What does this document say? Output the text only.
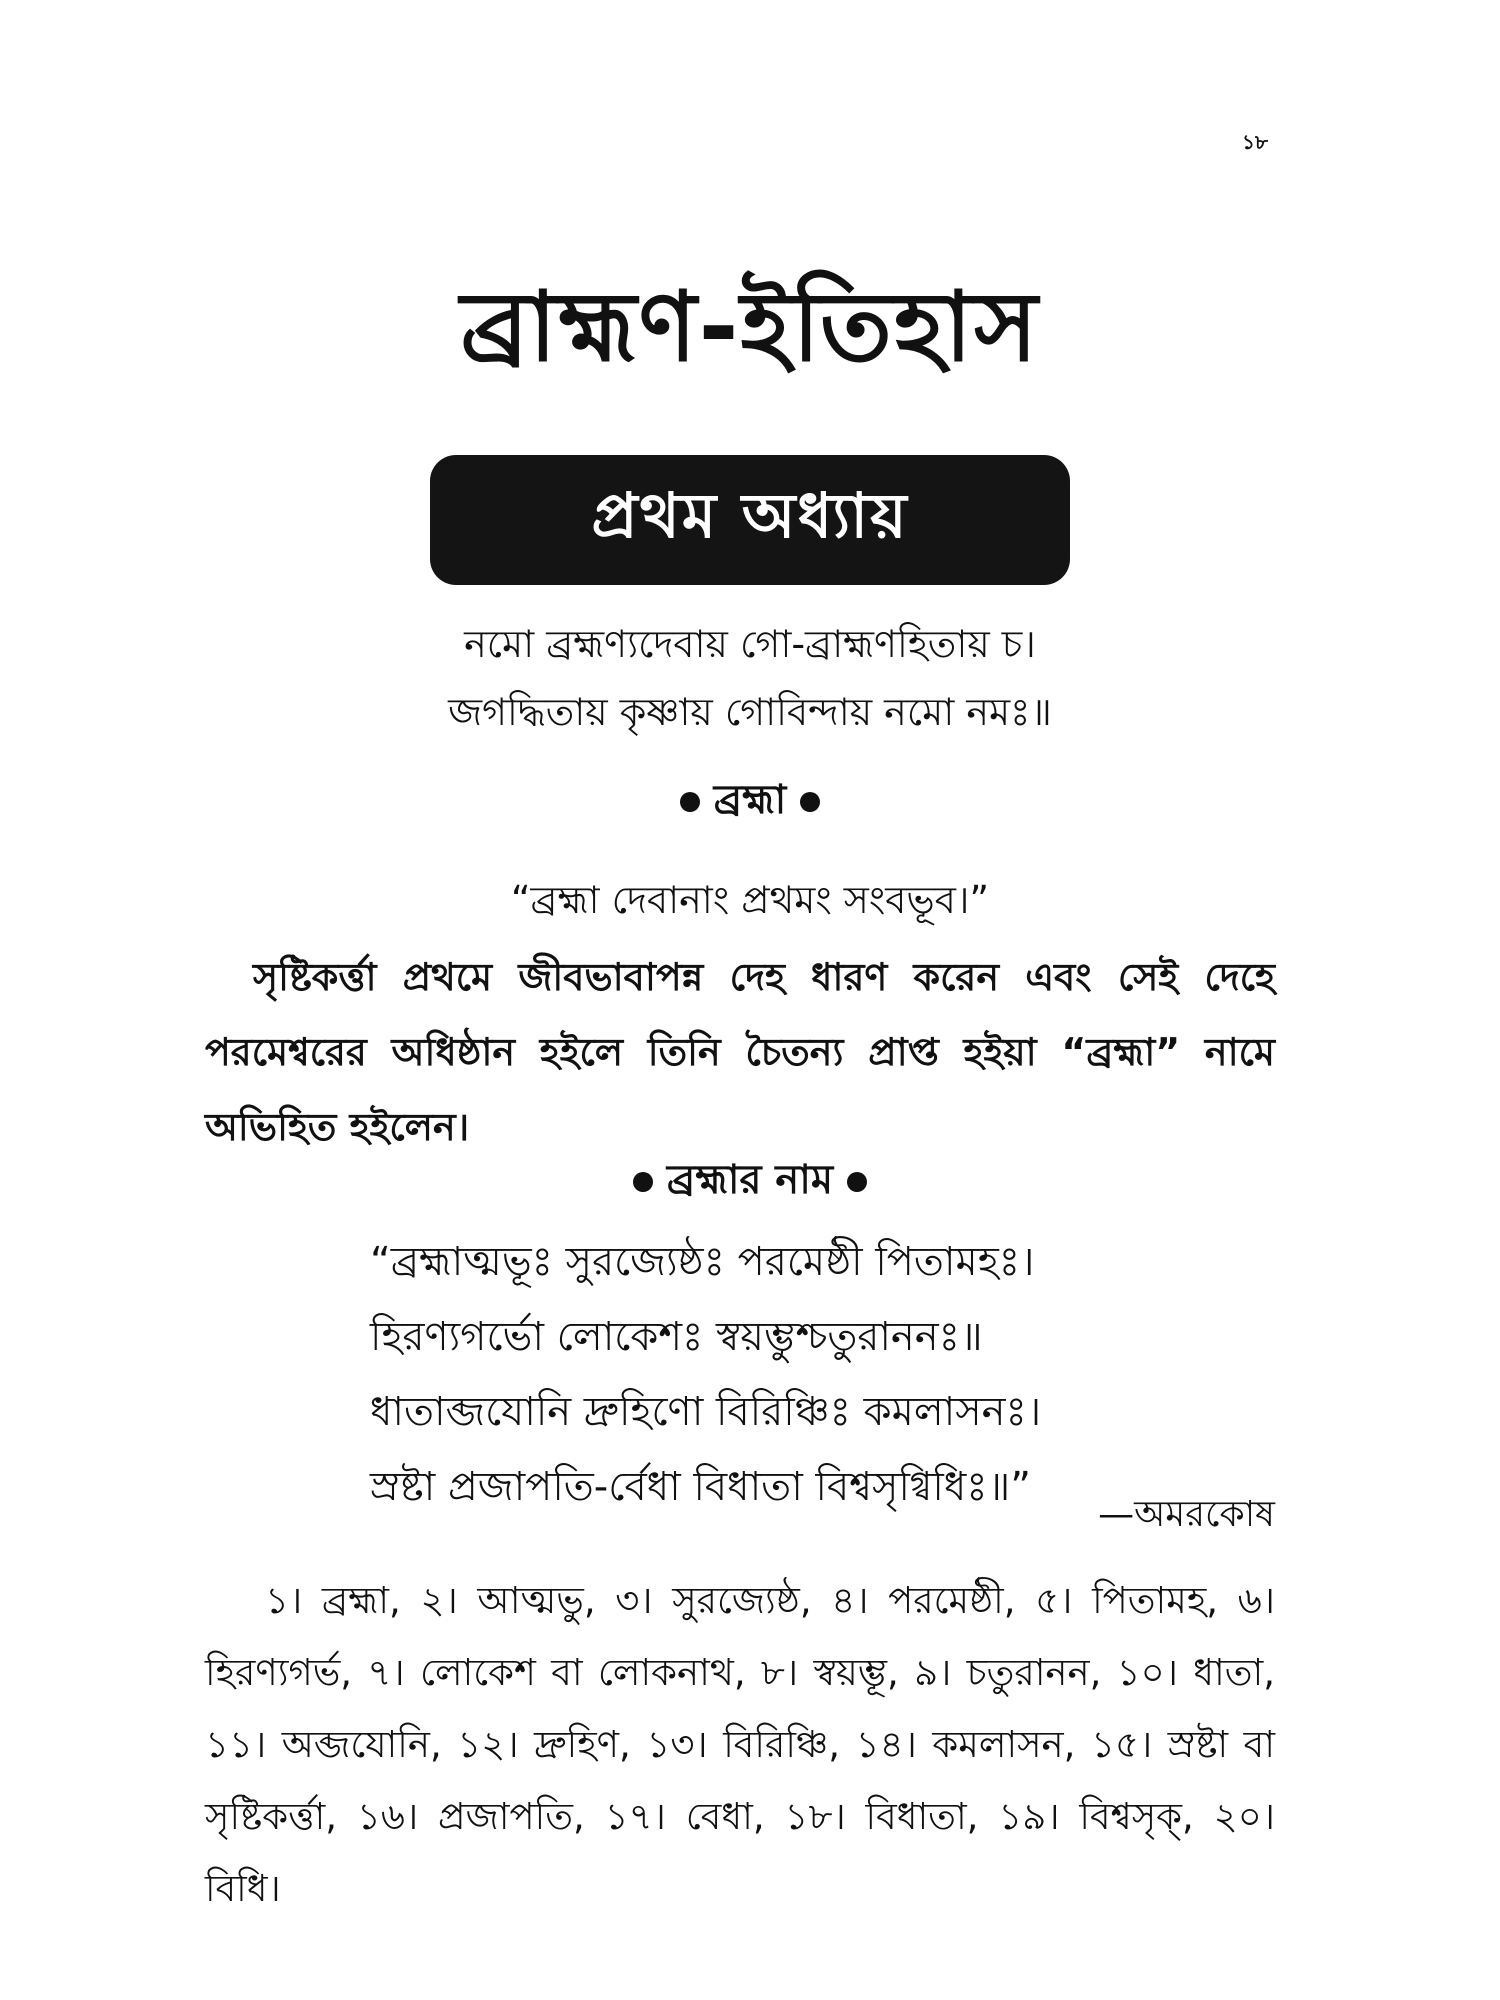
১৮
ব্রাহ্মণ-ইতিহাস
প্রথম অধ্যায়
নমো ব্রহ্মণ্যদেবায় গো-ব্রাহ্মণহিতায় চ।
জগদ্ধিতায় কৃষ্ণায় গোবিন্দায় নমো নমঃ॥
ব্রহ্মা
“ব্রহ্মা দেবানাং প্রথমং সংবভূব।”
সৃষ্টিকর্ত্তা প্রথমে জীবভাবাপন্ন দেহ ধারণ করেন এবং সেই দেহে পরমেশ্বরের অধিষ্ঠান হইলে তিনি চৈতন্য প্রাপ্ত হইয়া “ব্রহ্মা” নামে অভিহিত হইলেন।
ব্রহ্মার নাম
“ব্রহ্মাত্মভূঃ সুরজ্যেষ্ঠঃ পরমেষ্ঠী পিতামহঃ।
হিরণ্যগর্ভো লোকেশঃ স্বয়ম্ভুশ্চতুরাননঃ॥
ধাতাব্জযোনি দ্রুহিণো বিরিঞ্চিঃ কমলাসনঃ।
স্রষ্টা প্রজাপতি-র্বেধা বিধাতা বিশ্বসৃগ্বিধিঃ॥”
—অমরকোষ
১। ব্রহ্মা, ২। আত্মভু, ৩। সুরজ্যেষ্ঠ, ৪। পরমেষ্ঠী, ৫। পিতামহ, ৬। হিরণ্যগর্ভ, ৭। লোকেশ বা লোকনাথ, ৮। স্বয়ম্ভূ, ৯। চতুরানন, ১০। ধাতা, ১১। অব্জযোনি, ১২। দ্রুহিণ, ১৩। বিরিঞ্চি, ১৪। কমলাসন, ১৫। স্রষ্টা বা সৃষ্টিকর্ত্তা, ১৬। প্রজাপতি, ১৭। বেধা, ১৮। বিধাতা, ১৯। বিশ্বসৃক্, ২০। বিধি।
